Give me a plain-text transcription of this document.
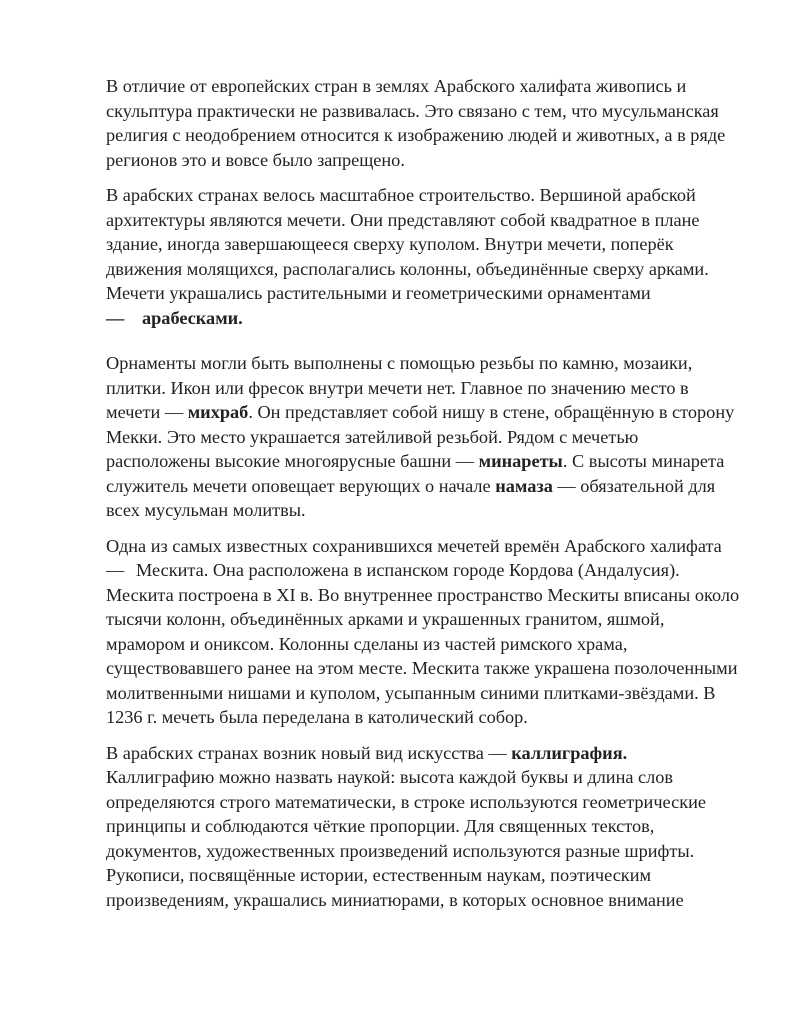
В отличие от европейских стран в землях Арабского халифата живопись и
скульптура практически не развивалась. Это связано с тем, что мусульманская
религия с неодобрением относится к изображению людей и животных, а в ряде
регионов это и вовсе было запрещено.

В арабских странах велось масштабное строительство. Вершиной арабской
архитектуры являются мечети. Они представляют собой квадратное в плане
здание, иногда завершающееся сверху куполом. Внутри мечети, поперёк
движения молящихся, располагались колонны, объединённые сверху арками.
Мечети украшались растительными и геометрическими орнаментами
— арабесками.

Орнаменты могли быть выполнены с помощью резьбы по камню, мозаики,
плитки. Икон или фресок внутри мечети нет. Главное по значению место в
мечети — михраб. Он представляет собой нишу в стене, обращённую в сторону
Мекки. Это место украшается затейливой резьбой. Рядом с мечетью
расположены высокие многоярусные башни — минареты. С высоты минарета
служитель мечети оповещает верующих о начале намаза — обязательной для
всех мусульман молитвы.

Одна из самых известных сохранившихся мечетей времён Арабского халифата
— Мескита. Она расположена в испанском городе Кордова (Андалусия).
Мескита построена в XI в. Во внутреннее пространство Мескиты вписаны около
тысячи колонн, объединённых арками и украшенных гранитом, яшмой,
мрамором и ониксом. Колонны сделаны из частей римского храма,
существовавшего ранее на этом месте. Мескита также украшена позолоченными
молитвенными нишами и куполом, усыпанным синими плитками-звёздами. В
1236 г. мечеть была переделана в католический собор.

В арабских странах возник новый вид искусства — каллиграфия.
Каллиграфию можно назвать наукой: высота каждой буквы и длина слов
определяются строго математически, в строке используются геометрические
принципы и соблюдаются чёткие пропорции. Для священных текстов,
документов, художественных произведений используются разные шрифты.
Рукописи, посвящённые истории, естественным наукам, поэтическим
произведениям, украшались миниатюрами, в которых основное внимание
